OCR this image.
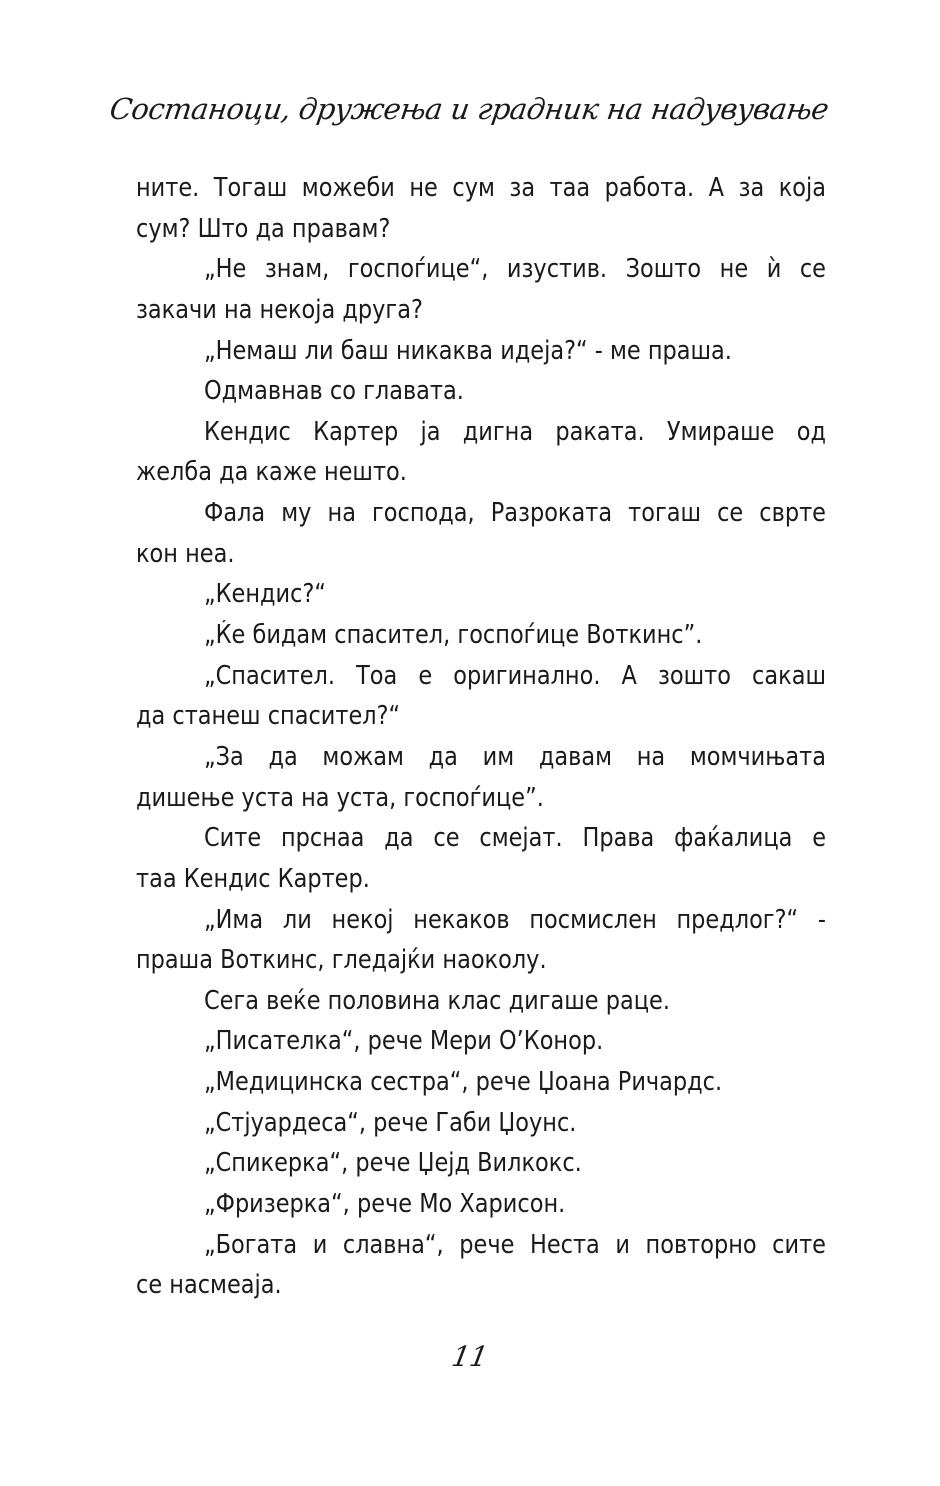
Состаноци, дружења и градник на надувување
ните. Тогаш можеби не сум за таа работа. А за која
сум? Што да правам?
„Не знам, госпоѓице“, изустив. Зошто не ѝ се
закачи на некоја друга?
„Немаш ли баш никаква идеја?“ - ме праша.
Одмавнав со главата.
Кендис Картер ја дигна раката. Умираше од
желба да каже нешто.
Фала му на господа, Разроката тогаш се сврте
кон неа.
„Кендис?“
„Ќе бидам спасител, госпоѓице Воткинс”.
„Спасител. Тоа е оригинално. А зошто сакаш
да станеш спасител?“
„За да можам да им давам на момчињата
дишење уста на уста, госпоѓице”.
Сите прснаа да се смејат. Права фаќалица е
таа Кендис Картер.
„Има ли некој некаков посмислен предлог?“ -
праша Воткинс, гледајќи наоколу.
Сега веќе половина клас дигаше раце.
„Писателка“, рече Мери О’Конор.
„Медицинска сестра“, рече Џоана Ричардс.
„Стјуардеса“, рече Габи Џоунс.
„Спикерка“, рече Џејд Вилкокс.
„Фризерка“, рече Мо Харисон.
„Богата и славна“, рече Неста и повторно сите
се насмеаја.
11
